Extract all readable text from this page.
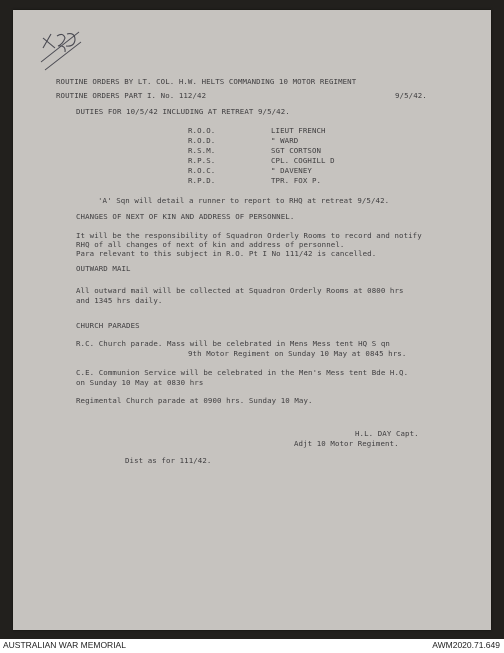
ROUTINE ORDERS BY LT. COL. H.W. HELTS COMMANDING 10 MOTOR REGIMENT
ROUTINE ORDERS PART I. No. 112/42	9/5/42.
DUTIES FOR 10/5/42 INCLUDING AT RETREAT 9/5/42.
R.O.O.	LIEUT FRENCH
R.O.D.	" WARD
R.S.M.	SGT CORTSON
R.P.S.	CPL. COGHILL D
R.O.C.	" DAVENEY
R.P.D.	TPR. FOX P.
'A' Sqn will detail a runner to report to RHQ at retreat 9/5/42.
CHANGES OF NEXT OF KIN AND ADDRESS OF PERSONNEL.
It will be the responsibility of Squadron Orderly Rooms to record and notify
RHQ of all changes of next of kin and address of personnel.
Para relevant to this subject in R.O. Pt I No 111/42 is cancelled.
OUTWARD MAIL
All outward mail will be collected at Squadron Orderly Rooms at 0800 hrs
and 1345 hrs daily.
CHURCH PARADES
R.C. Church parade. Mass will be celebrated in Mens Mess tent HQ S qn
9th Motor Regiment on Sunday 10 May at 0845 hrs.
C.E. Communion Service will be celebrated in the Men's Mess tent Bde H.Q.
on Sunday 10 May at 0830 hrs
Regimental Church parade at 0900 hrs. Sunday 10 May.
H.L. DAY Capt.
Adjt 10 Motor Regiment.
Dist as for 111/42.
AUSTRALIAN WAR MEMORIAL	AWM2020.71.649
